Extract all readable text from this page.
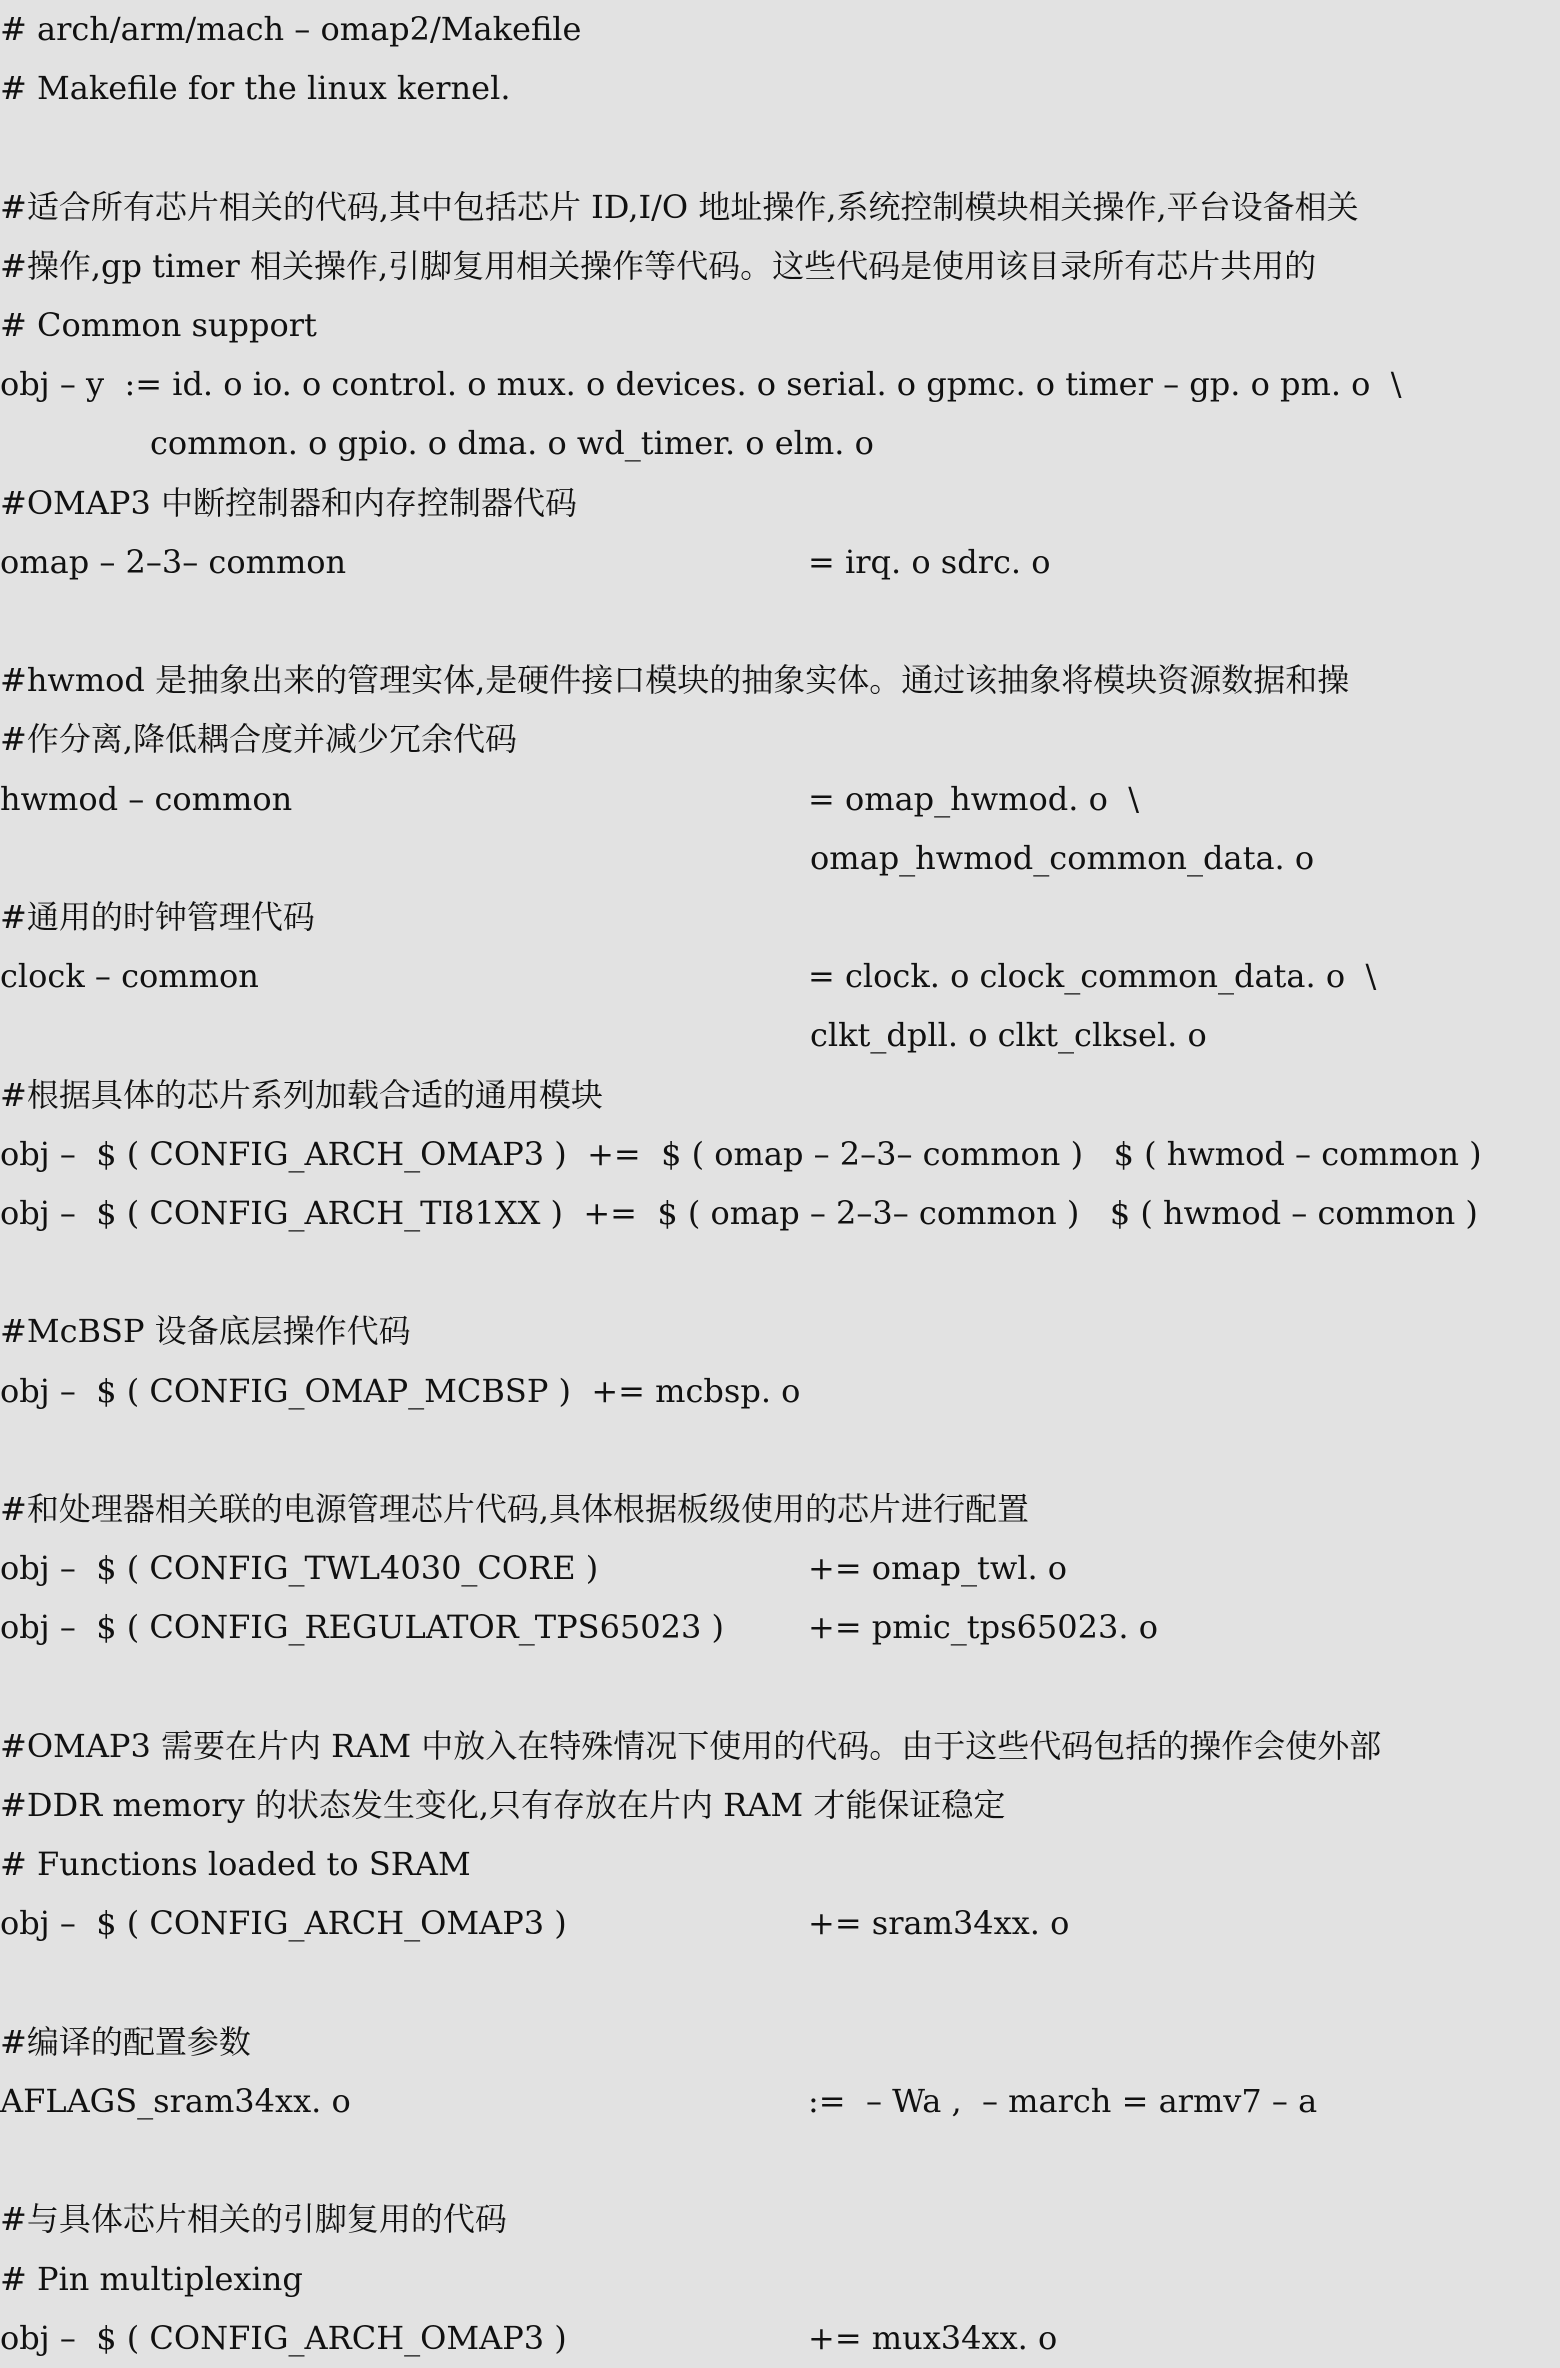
# arch/arm/mach – omap2/Makefile
# Makefile for the linux kernel.
#适合所有芯片相关的代码,其中包括芯片 ID,I/O 地址操作,系统控制模块相关操作,平台设备相关
#操作,gp timer 相关操作,引脚复用相关操作等代码。这些代码是使用该目录所有芯片共用的
# Common support
obj – y  := id. o io. o control. o mux. o devices. o serial. o gpmc. o timer – gp. o pm. o  \
common. o gpio. o dma. o wd_timer. o elm. o
#OMAP3 中断控制器和内存控制器代码
omap – 2–3– common	= irq. o sdrc. o
#hwmod 是抽象出来的管理实体,是硬件接口模块的抽象实体。通过该抽象将模块资源数据和操
#作分离,降低耦合度并减少冗余代码
hwmod – common	= omap_hwmod. o  \
omap_hwmod_common_data. o
#通用的时钟管理代码
clock – common	= clock. o clock_common_data. o  \
clkt_dpll. o clkt_clksel. o
#根据具体的芯片系列加载合适的通用模块
obj –  $ ( CONFIG_ARCH_OMAP3 )  +=  $ ( omap – 2–3– common )   $ ( hwmod – common )
obj –  $ ( CONFIG_ARCH_TI81XX )  +=  $ ( omap – 2–3– common )   $ ( hwmod – common )
#McBSP 设备底层操作代码
obj –  $ ( CONFIG_OMAP_MCBSP )  += mcbsp. o
#和处理器相关联的电源管理芯片代码,具体根据板级使用的芯片进行配置
obj –  $ ( CONFIG_TWL4030_CORE )	+= omap_twl. o
obj –  $ ( CONFIG_REGULATOR_TPS65023 )	+= pmic_tps65023. o
#OMAP3 需要在片内 RAM 中放入在特殊情况下使用的代码。由于这些代码包括的操作会使外部
#DDR memory 的状态发生变化,只有存放在片内 RAM 才能保证稳定
# Functions loaded to SRAM
obj –  $ ( CONFIG_ARCH_OMAP3 )	+= sram34xx. o
#编译的配置参数
AFLAGS_sram34xx. o	:=  – Wa ,  – march = armv7 – a
#与具体芯片相关的引脚复用的代码
# Pin multiplexing
obj –  $ ( CONFIG_ARCH_OMAP3 )	+= mux34xx. o
